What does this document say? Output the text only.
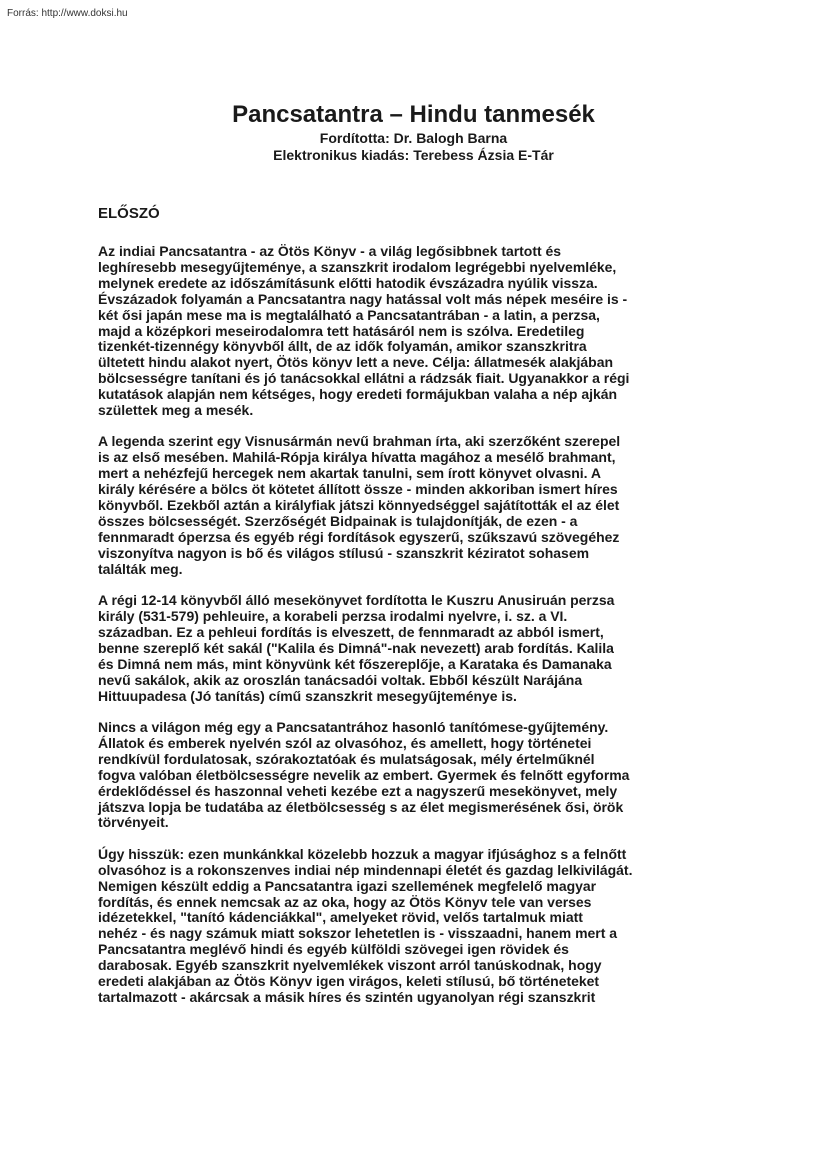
Forrás: http://www.doksi.hu
Pancsatantra – Hindu tanmesék
Fordította: Dr. Balogh Barna
Elektronikus kiadás: Terebess Ázsia E-Tár
ELŐSZÓ
Az indiai Pancsatantra - az Ötös Könyv - a világ legősibbnek tartott és
leghíresebb mesegyűjteménye, a szanszkrit irodalom legrégebbi nyelvemléke,
melynek eredete az időszámításunk előtti hatodik évszázadra nyúlik vissza.
Évszázadok folyamán a Pancsatantra nagy hatással volt más népek meséire is -
két ősi japán mese ma is megtalálható a Pancsatantrában - a latin, a perzsa,
majd a középkori meseirodalomra tett hatásáról nem is szólva. Eredetileg
tizenkét-tizennégy könyvből állt, de az idők folyamán, amikor szanszkritra
ültetett hindu alakot nyert, Ötös könyv lett a neve. Célja: állatmesék alakjában
bölcsességre tanítani és jó tanácsokkal ellátni a rádzsák fiait. Ugyanakkor a régi
kutatások alapján nem kétséges, hogy eredeti formájukban valaha a nép ajkán
születtek meg a mesék.
A legenda szerint egy Visnusármán nevű brahman írta, aki szerzőként szerepel
is az első mesében. Mahilá-Rópja királya hívatta magához a mesélő brahmant,
mert a nehézfejű hercegek nem akartak tanulni, sem írott könyvet olvasni. A
király kérésére a bölcs öt kötetet állított össze - minden akkoriban ismert híres
könyvből. Ezekből aztán a királyfiak játszi könnyedséggel sajátították el az élet
összes bölcsességét. Szerzőségét Bidpainak is tulajdonítják, de ezen - a
fennmaradt óperzsa és egyéb régi fordítások egyszerű, szűkszavú szövegéhez
viszonyítva nagyon is bő és világos stílusú - szanszkrit kéziratot sohasem
találták meg.
A régi 12-14 könyvből álló mesekönyvet fordította le Kuszru Anusiruán perzsa
király (531-579) pehleuire, a korabeli perzsa irodalmi nyelvre, i. sz. a VI.
században. Ez a pehleui fordítás is elveszett, de fennmaradt az abból ismert,
benne szereplő két sakál ("Kalila és Dimná"-nak nevezett) arab fordítás. Kalila
és Dimná nem más, mint könyvünk két főszereplője, a Karataka és Damanaka
nevű sakálok, akik az oroszlán tanácsadói voltak. Ebből készült Narájána
Hittuupadesa (Jó tanítás) című szanszkrit mesegyűjteménye is.
Nincs a világon még egy a Pancsatantrához hasonló tanítómese-gyűjtemény.
Állatok és emberek nyelvén szól az olvasóhoz, és amellett, hogy történetei
rendkívül fordulatosak, szórakoztatóak és mulatságosak, mély értelműknél
fogva valóban életbölcsességre nevelik az embert. Gyermek és felnőtt egyforma
érdeklődéssel és haszonnal veheti kezébe ezt a nagyszerű mesekönyvet, mely
játszva lopja be tudatába az életbölcsesség s az élet megismerésének ősi, örök
törvényeit.
Úgy hisszük: ezen munkánkkal közelebb hozzuk a magyar ifjúsághoz s a felnőtt
olvasóhoz is a rokonszenves indiai nép mindennapi életét és gazdag lelkivilágát.
Nemigen készült eddig a Pancsatantra igazi szellemének megfelelő magyar
fordítás, és ennek nemcsak az az oka, hogy az Ötös Könyv tele van verses
idézetekkel, "tanító kádenciákkal", amelyeket rövid, velős tartalmuk miatt
nehéz - és nagy számuk miatt sokszor lehetetlen is - visszaadni, hanem mert a
Pancsatantra meglévő hindi és egyéb külföldi szövegei igen rövidek és
darabosak. Egyéb szanszkrit nyelvemlékek viszont arról tanúskodnak, hogy
eredeti alakjában az Ötös Könyv igen virágos, keleti stílusú, bő történeteket
tartalmazott - akárcsak a másik híres és szintén ugyanolyan régi szanszkrit
